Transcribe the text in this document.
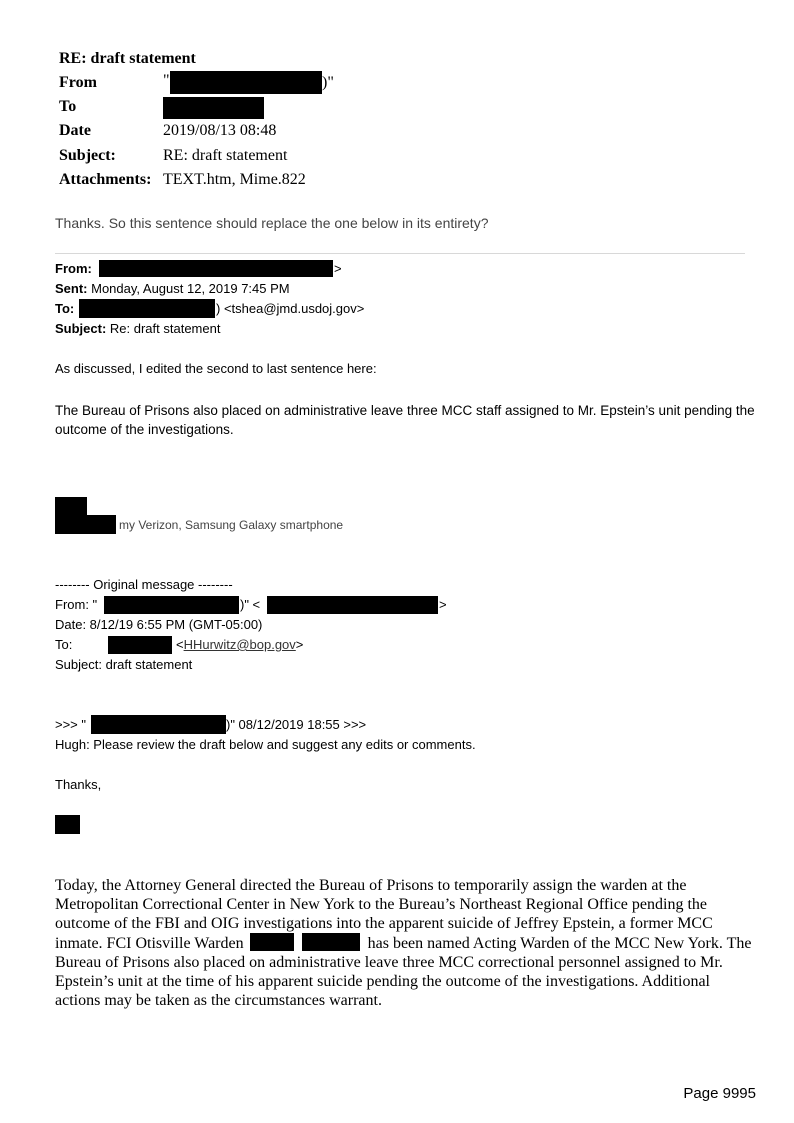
RE: draft statement
From	"	)"
To
Date	2019/08/13 08:48
Subject:	RE: draft statement
Attachments: TEXT.htm, Mime.822
Thanks. So this sentence should replace the one below in its entirety?
From:	>
Sent: Monday, August 12, 2019 7:45 PM
To:	) <tshea@jmd.usdoj.gov>
Subject: Re: draft statement
As discussed, I edited the second to last sentence here:
The Bureau of Prisons also placed on administrative leave three MCC staff assigned to Mr. Epstein’s unit pending the outcome of the investigations.
my Verizon, Samsung Galaxy smartphone
-------- Original message --------
From: "	)" <	>
Date: 8/12/19 6:55 PM (GMT-05:00)
To:	<HHurwitz@bop.gov>
Subject: draft statement
>>> "	)" 08/12/2019 18:55 >>>
Hugh: Please review the draft below and suggest any edits or comments.
Thanks,
Today, the Attorney General directed the Bureau of Prisons to temporarily assign the warden at the Metropolitan Correctional Center in New York to the Bureau’s Northeast Regional Office pending the outcome of the FBI and OIG investigations into the apparent suicide of Jeffrey Epstein, a former MCC inmate. FCI Otisville Warden	has been named Acting Warden of the MCC New York. The Bureau of Prisons also placed on administrative leave three MCC correctional personnel assigned to Mr. Epstein’s unit at the time of his apparent suicide pending the outcome of the investigations. Additional actions may be taken as the circumstances warrant.
Page 9995
